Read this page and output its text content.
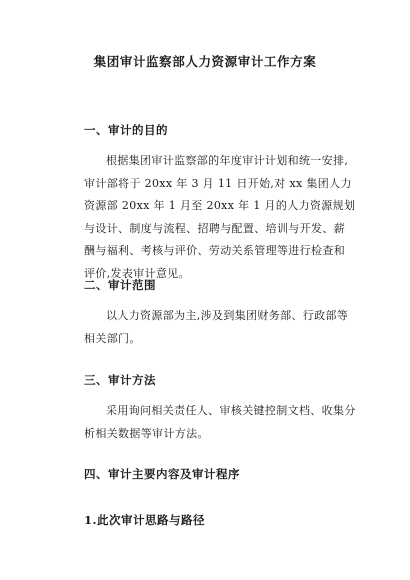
集团审计监察部人力资源审计工作方案
一、审计的目的
根据集团审计监察部的年度审计计划和统一安排,审计部将于 20xx 年 3 月 11 日开始,对 xx 集团人力资源部 20xx 年 1 月至 20xx 年 1 月的人力资源规划与设计、制度与流程、招聘与配置、培训与开发、薪酬与福利、考核与评价、劳动关系管理等进行检查和评价,发表审计意见。
二、审计范围
以人力资源部为主,涉及到集团财务部、行政部等相关部门。
三、审计方法
采用询问相关责任人、审核关键控制文档、收集分析相关数据等审计方法。
四、审计主要内容及审计程序
1.此次审计思路与路径
